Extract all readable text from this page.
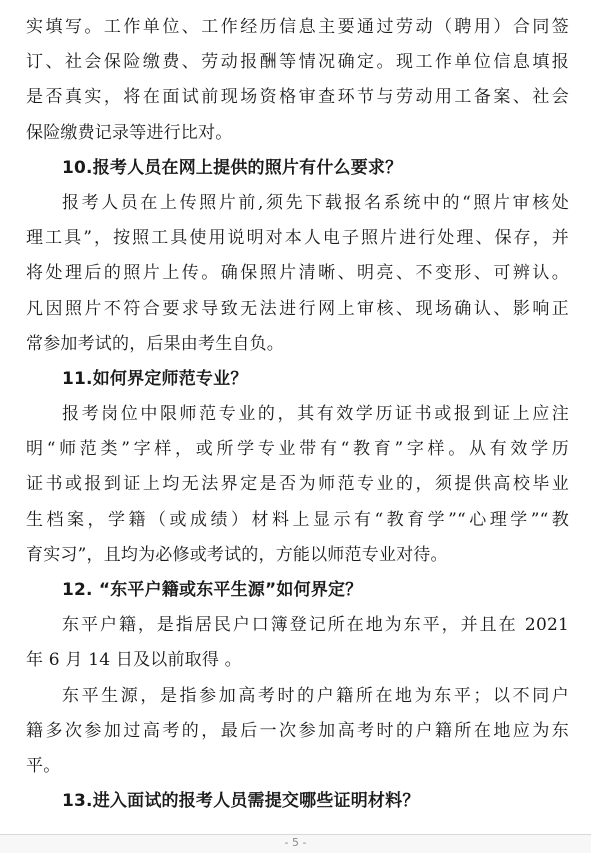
实填写。工作单位、工作经历信息主要通过劳动（聘用）合同签
订、社会保险缴费、劳动报酬等情况确定。现工作单位信息填报
是否真实，将在面试前现场资格审查环节与劳动用工备案、社会
保险缴费记录等进行比对。
10.报考人员在网上提供的照片有什么要求？
报考人员在上传照片前,须先下载报名系统中的“照片审核处
理工具”，按照工具使用说明对本人电子照片进行处理、保存，并
将处理后的照片上传。确保照片清晰、明亮、不变形、可辨认。
凡因照片不符合要求导致无法进行网上审核、现场确认、影响正
常参加考试的，后果由考生自负。
11.如何界定师范专业？
报考岗位中限师范专业的，其有效学历证书或报到证上应注
明“师范类”字样，或所学专业带有“教育”字样。从有效学历
证书或报到证上均无法界定是否为师范专业的，须提供高校毕业
生档案，学籍（或成绩）材料上显示有“教育学”“心理学”“教
育实习”，且均为必修或考试的，方能以师范专业对待。
12. “东平户籍或东平生源”如何界定？
东平户籍，是指居民户口簿登记所在地为东平，并且在 2021
年 6 月 14 日及以前取得 。
东平生源，是指参加高考时的户籍所在地为东平；以不同户
籍多次参加过高考的，最后一次参加高考时的户籍所在地应为东
平。
13.进入面试的报考人员需提交哪些证明材料？
- 5 -
